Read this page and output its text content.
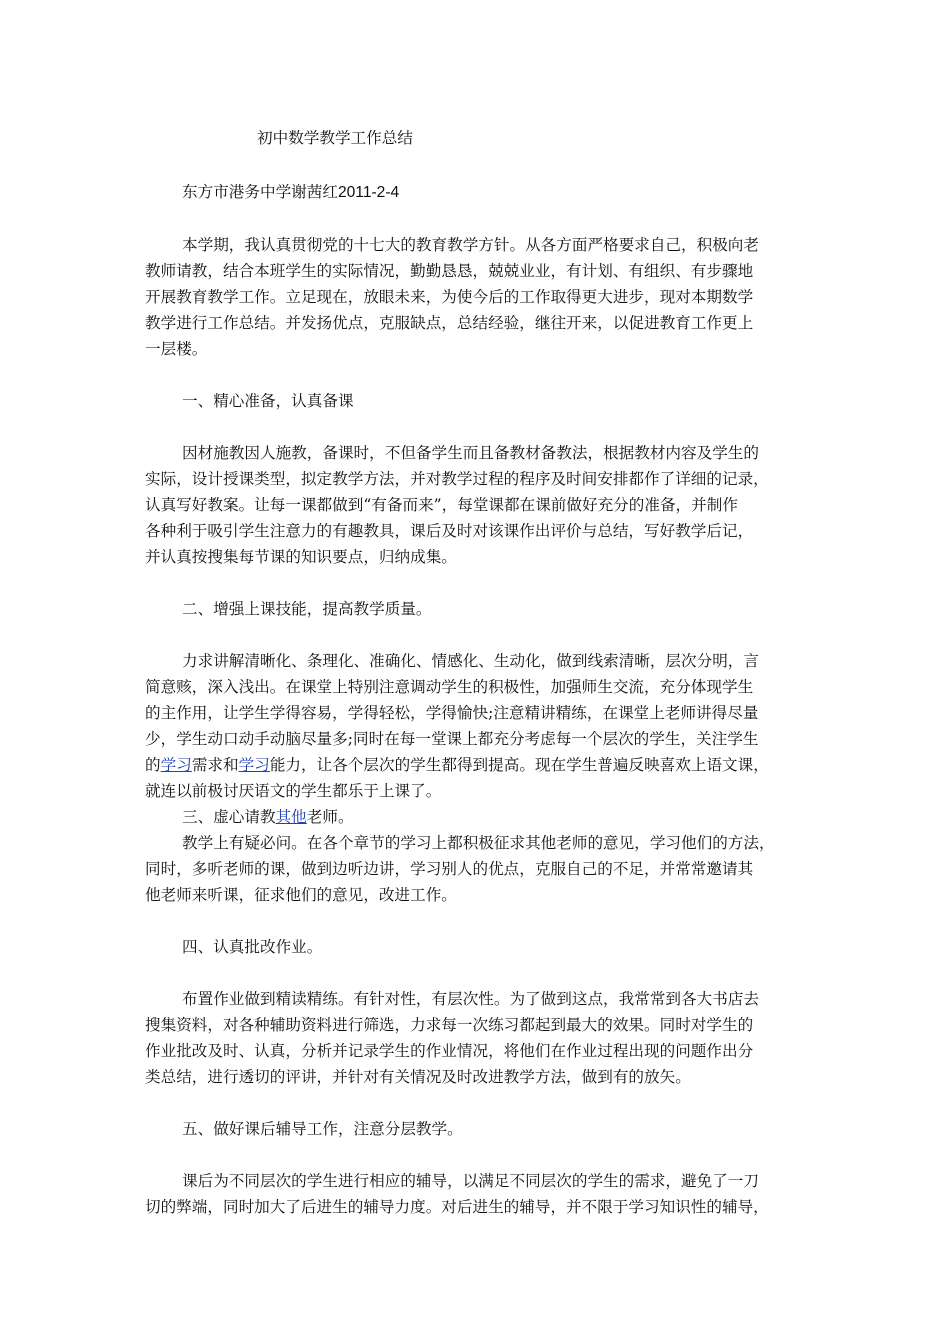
初中数学教学工作总结
东方市港务中学谢茜红2011-2-4
本学期，我认真贯彻党的十七大的教育教学方针。从各方面严格要求自己，积极向老
教师请教，结合本班学生的实际情况，勤勤恳恳，兢兢业业，有计划、有组织、有步骤地
开展教育教学工作。立足现在，放眼未来，为使今后的工作取得更大进步，现对本期数学
教学进行工作总结。并发扬优点，克服缺点，总结经验，继往开来，以促进教育工作更上
一层楼。
一、精心准备，认真备课
因材施教因人施教，备课时，不但备学生而且备教材备教法，根据教材内容及学生的
实际，设计授课类型，拟定教学方法，并对教学过程的程序及时间安排都作了详细的记录，
认真写好教案。让每一课都做到“有备而来”，每堂课都在课前做好充分的准备，并制作
各种利于吸引学生注意力的有趣教具，课后及时对该课作出评价与总结，写好教学后记，
并认真按搜集每节课的知识要点，归纳成集。
二、增强上课技能，提高教学质量。
力求讲解清晰化、条理化、准确化、情感化、生动化，做到线索清晰，层次分明，言
简意赅，深入浅出。在课堂上特别注意调动学生的积极性，加强师生交流，充分体现学生
的主作用，让学生学得容易，学得轻松，学得愉快;注意精讲精练，在课堂上老师讲得尽量
少，学生动口动手动脑尽量多;同时在每一堂课上都充分考虑每一个层次的学生，关注学生
的学习需求和学习能力，让各个层次的学生都得到提高。现在学生普遍反映喜欢上语文课，
就连以前极讨厌语文的学生都乐于上课了。
三、虚心请教其他老师。
教学上有疑必问。在各个章节的学习上都积极征求其他老师的意见，学习他们的方法，
同时，多听老师的课，做到边听边讲，学习别人的优点，克服自己的不足，并常常邀请其
他老师来听课，征求他们的意见，改进工作。
四、认真批改作业。
布置作业做到精读精练。有针对性，有层次性。为了做到这点，我常常到各大书店去
搜集资料，对各种辅助资料进行筛选，力求每一次练习都起到最大的效果。同时对学生的
作业批改及时、认真，分析并记录学生的作业情况，将他们在作业过程出现的问题作出分
类总结，进行透切的评讲，并针对有关情况及时改进教学方法，做到有的放矢。
五、做好课后辅导工作，注意分层教学。
课后为不同层次的学生进行相应的辅导，以满足不同层次的学生的需求，避免了一刀
切的弊端，同时加大了后进生的辅导力度。对后进生的辅导，并不限于学习知识性的辅导，
